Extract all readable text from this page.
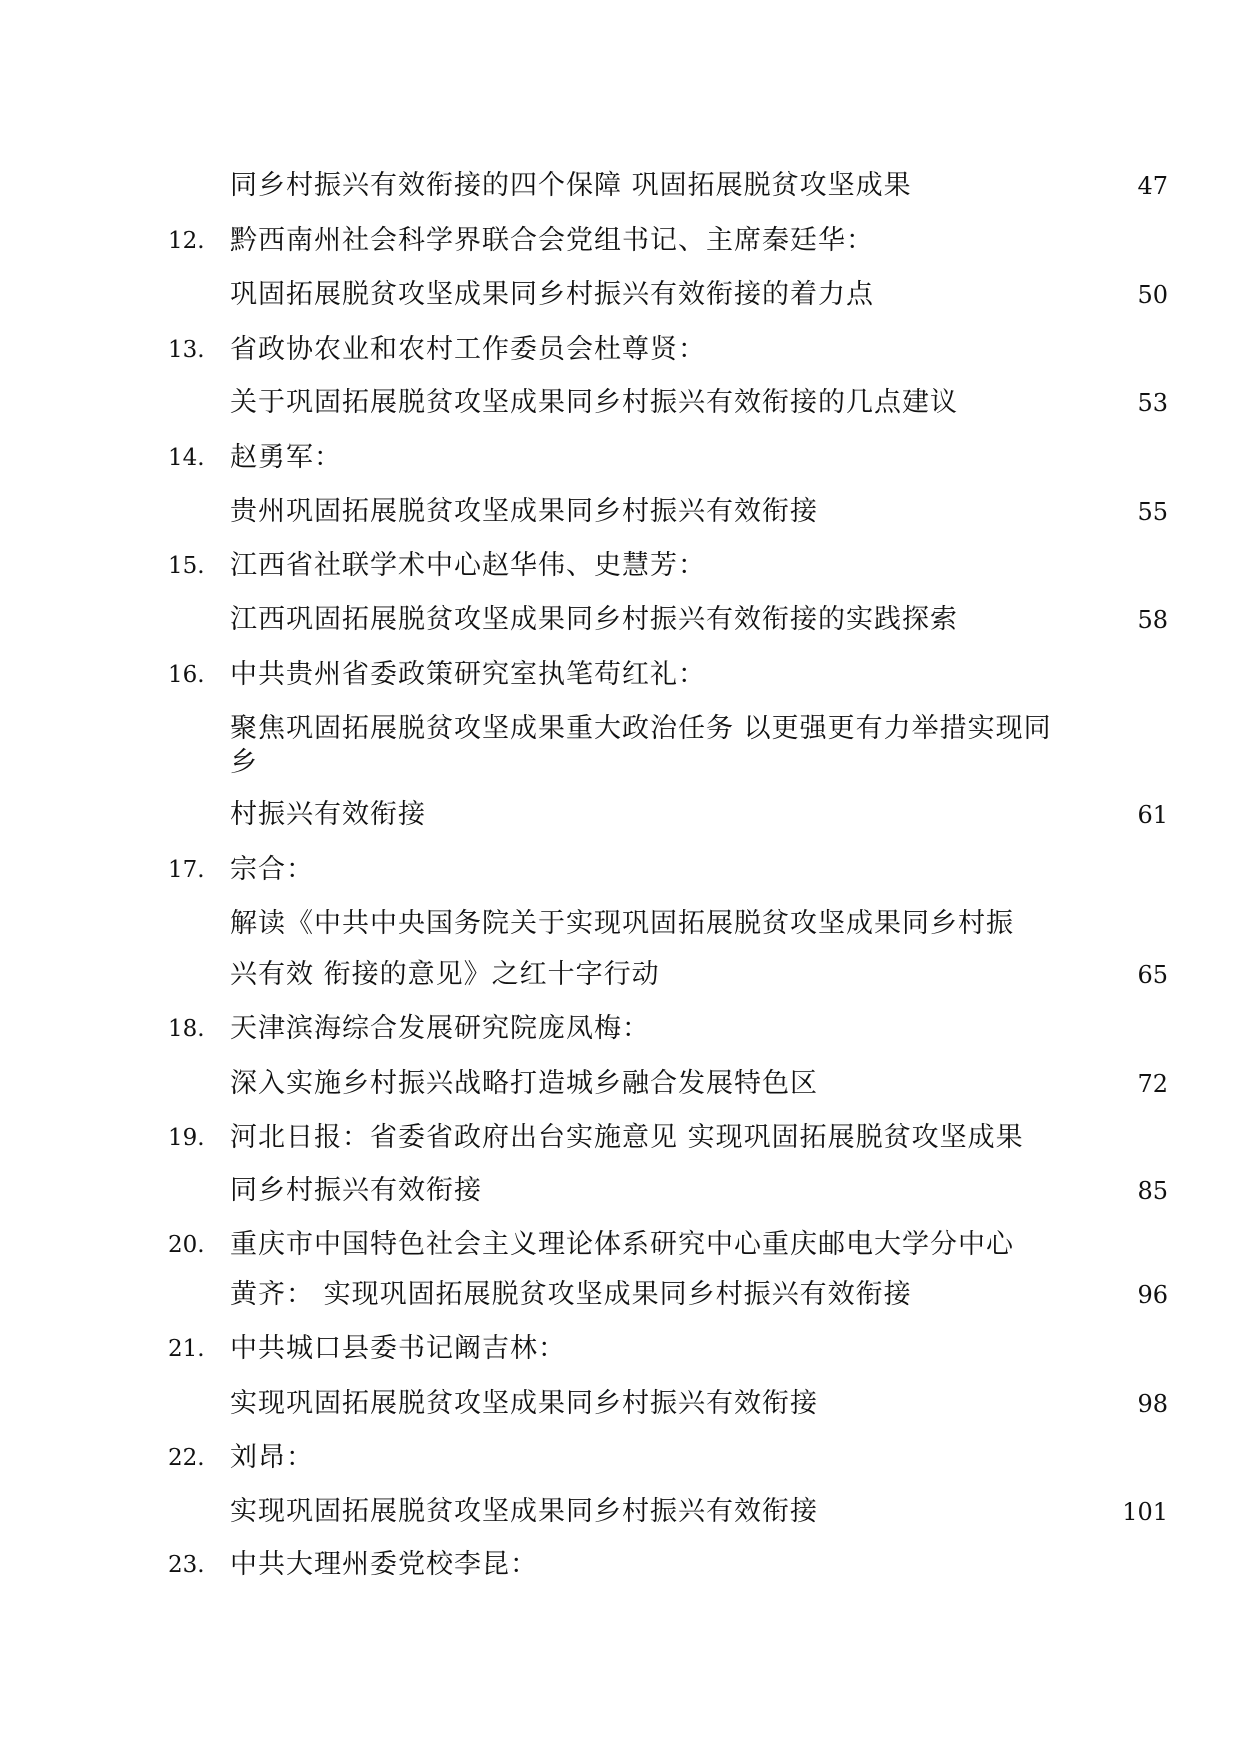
同乡村振兴有效衔接的四个保障 巩固拓展脱贫攻坚成果	47
12. 黔西南州社会科学界联合会党组书记、主席秦廷华：
巩固拓展脱贫攻坚成果同乡村振兴有效衔接的着力点	50
13. 省政协农业和农村工作委员会杜尊贤：
关于巩固拓展脱贫攻坚成果同乡村振兴有效衔接的几点建议	53
14. 赵勇军：
贵州巩固拓展脱贫攻坚成果同乡村振兴有效衔接	55
15. 江西省社联学术中心赵华伟、史慧芳：
江西巩固拓展脱贫攻坚成果同乡村振兴有效衔接的实践探索	58
16. 中共贵州省委政策研究室执笔苟红礼：
聚焦巩固拓展脱贫攻坚成果重大政治任务 以更强更有力举措实现同
乡
村振兴有效衔接	61
17. 宗合：
解读《中共中央国务院关于实现巩固拓展脱贫攻坚成果同乡村振
兴有效 衔接的意见》之红十字行动	65
18. 天津滨海综合发展研究院庞凤梅：
深入实施乡村振兴战略打造城乡融合发展特色区	72
19. 河北日报：省委省政府出台实施意见 实现巩固拓展脱贫攻坚成果
同乡村振兴有效衔接	85
20. 重庆市中国特色社会主义理论体系研究中心重庆邮电大学分中心
黄齐： 实现巩固拓展脱贫攻坚成果同乡村振兴有效衔接	96
21. 中共城口县委书记阚吉林：
实现巩固拓展脱贫攻坚成果同乡村振兴有效衔接	98
22. 刘昂：
实现巩固拓展脱贫攻坚成果同乡村振兴有效衔接	101
23. 中共大理州委党校李昆：
